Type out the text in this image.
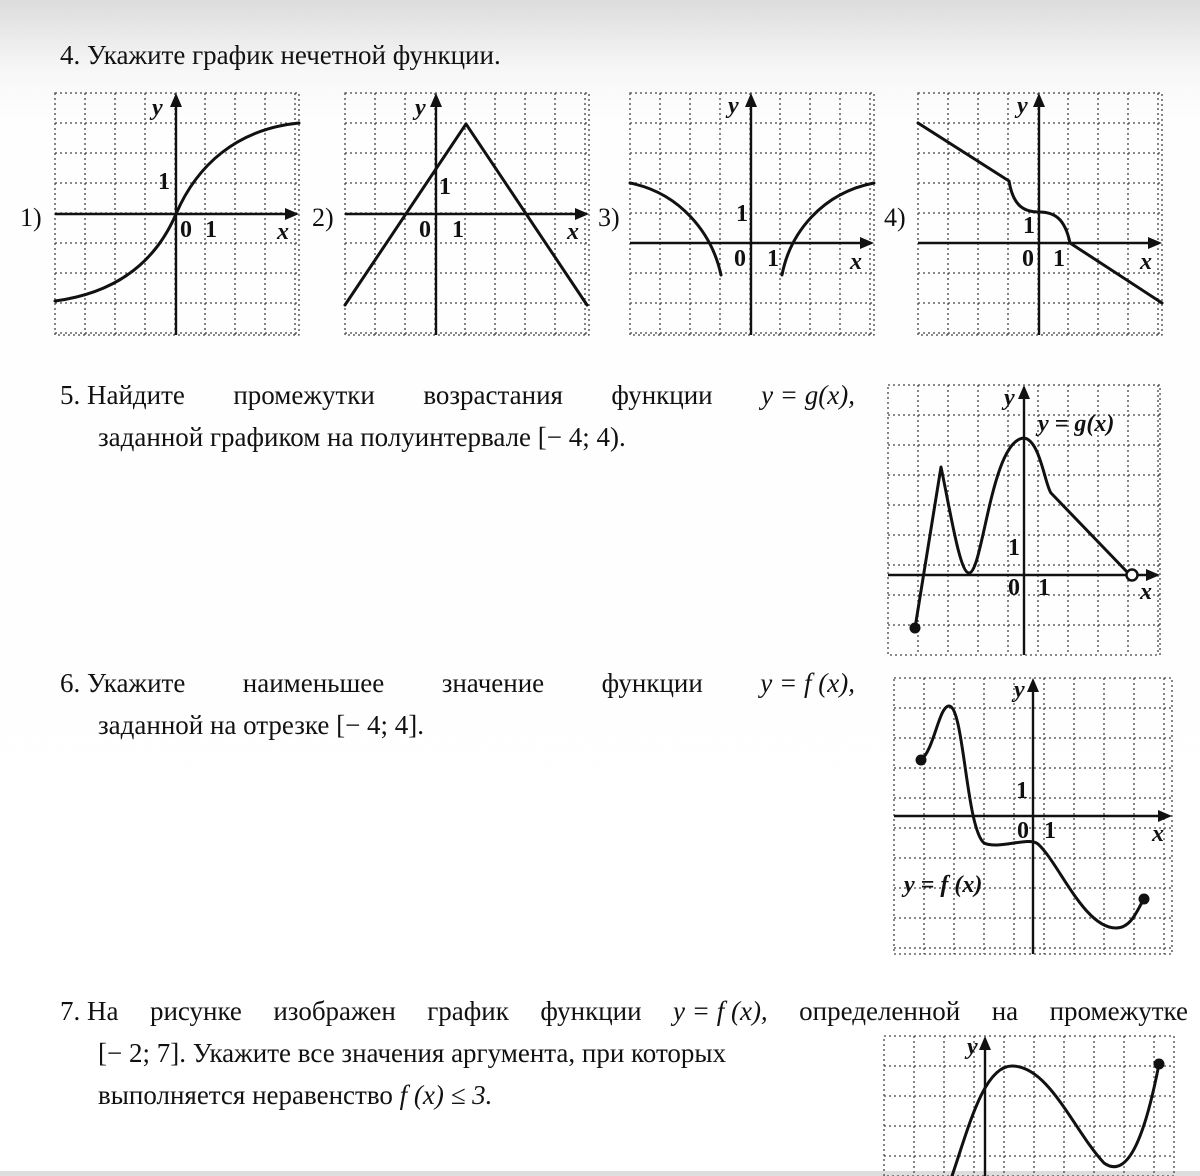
4. Укажите график нечетной функции.
1)	2)	3)	4)
y
x
0 1
1
y
x
0 1
1
y
x
0 1
1
y
x
0 1
1
5. Найдите промежутки возрастания функции y = g(x),
заданной графиком на полуинтервале [− 4; 4).
y
x
0 1
1
y = g(x)
6. Укажите наименьшее значение функции y = f (x),
заданной на отрезке [− 4; 4].
y
x
0 1
1
y = f (x)
7. На рисунке изображен график функции y = f (x), определенной на промежутке
[− 2; 7]. Укажите все значения аргумента, при которых
выполняется неравенство f (x) ≤ 3.
y
